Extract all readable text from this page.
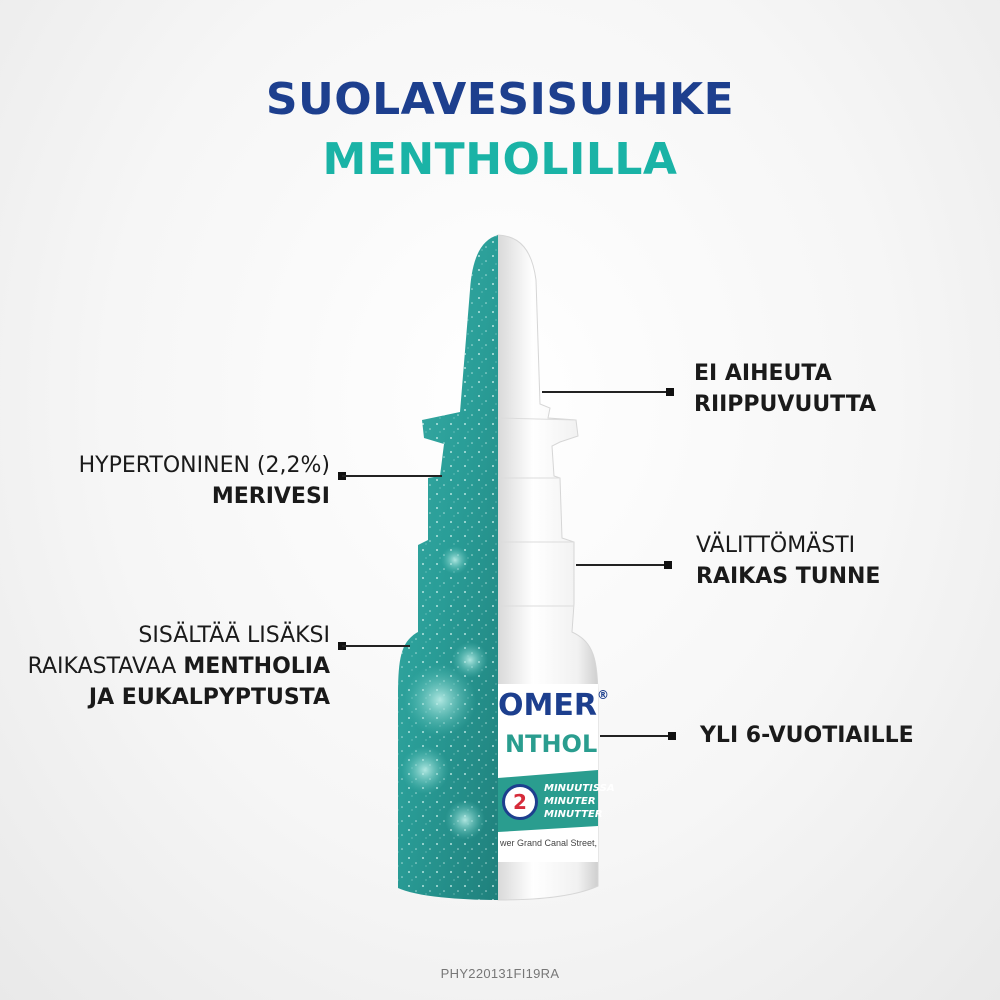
SUOLAVESISUIHKE
MENTHOLILLA
OMER®
NTHOL
2
MINUUTISSA
MINUTER
MINUTTER
wer Grand Canal Street,
HYPERTONINEN (2,2%)
MERIVESI
SISÄLTÄÄ LISÄKSI
RAIKASTAVAA MENTHOLIA
JA EUKALPYPTUSTA
EI AIHEUTA
RIIPPUVUUTTA
VÄLITTÖMÄSTI
RAIKAS TUNNE
YLI 6-VUOTIAILLE
PHY220131FI19RA
